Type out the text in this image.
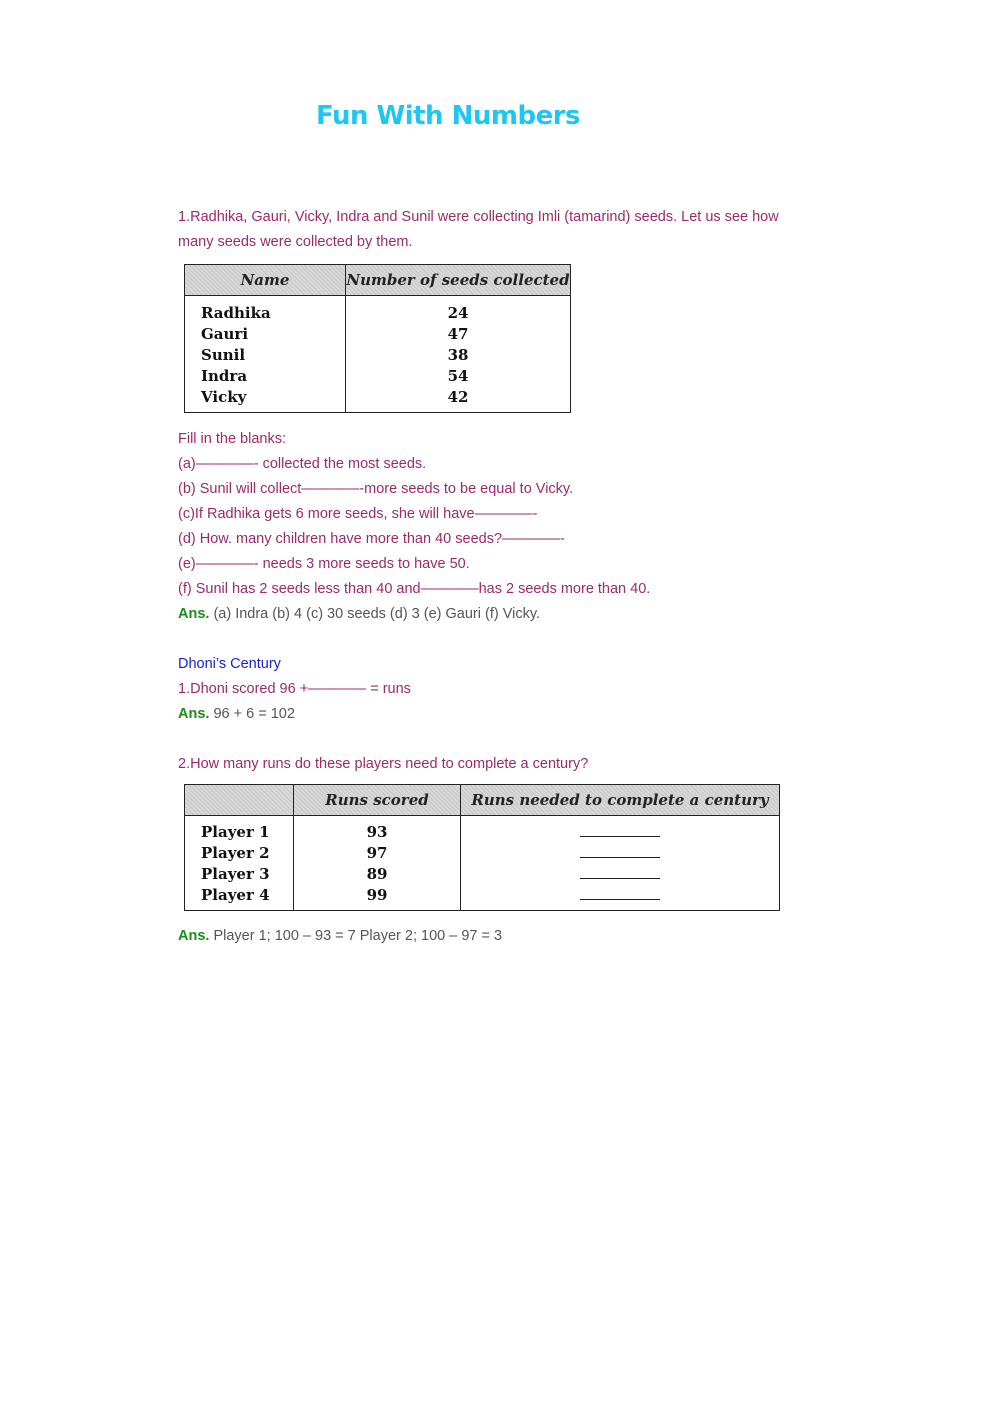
Fun With Numbers
1.Radhika, Gauri, Vicky, Indra and Sunil were collecting Imli (tamarind) seeds. Let us see how
many seeds were collected by them.
Name	Number of seeds collected
Radhika	24
Gauri	47
Sunil	38
Indra	54
Vicky	42
Fill in the blanks:
(a)————- collected the most seeds.
(b) Sunil will collect————-more seeds to be equal to Vicky.
(c)If Radhika gets 6 more seeds, she will have————-
(d) How. many children have more than 40 seeds?————-
(e)————- needs 3 more seeds to have 50.
(f) Sunil has 2 seeds less than 40 and————has 2 seeds more than 40.
Ans. (a) Indra (b) 4 (c) 30 seeds (d) 3 (e) Gauri (f) Vicky.
Dhoni’s Century
1.Dhoni scored 96 +———— = runs
Ans. 96 + 6 = 102
2.How many runs do these players need to complete a century?
	Runs scored	Runs needed to complete a century
Player 1	93	
Player 2	97	
Player 3	89	
Player 4	99	
Ans. Player 1; 100 – 93 = 7 Player 2; 100 – 97 = 3
